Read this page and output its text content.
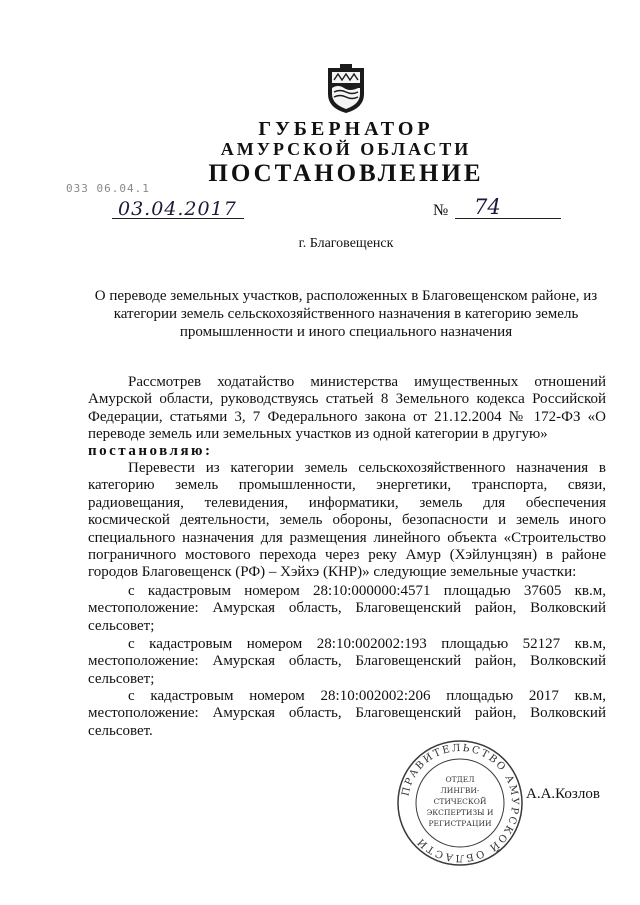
ГУБЕРНАТОР
АМУРСКОЙ ОБЛАСТИ
ПОСТАНОВЛЕНИЕ
033 06.04.1
03.04.2017	№ 74
г. Благовещенск
О переводе земельных участков, расположенных в Благовещенском районе, из категории земель сельскохозяйственного назначения в категорию земель промышленности и иного специального назначения
Рассмотрев ходатайство министерства имущественных отношений Амурской области, руководствуясь статьей 8 Земельного кодекса Российской Федерации, статьями 3, 7 Федерального закона от 21.12.2004 № 172-ФЗ «О переводе земель или земельных участков из одной категории в другую»
постановляю:
Перевести из категории земель сельскохозяйственного назначения в категорию земель промышленности, энергетики, транспорта, связи, радиовещания, телевидения, информатики, земель для обеспечения космической деятельности, земель обороны, безопасности и земель иного специального назначения для размещения линейного объекта «Строительство пограничного мостового перехода через реку Амур (Хэйлунцзян) в районе городов Благовещенск (РФ) – Хэйхэ (КНР)» следующие земельные участки:
с кадастровым номером 28:10:000000:4571 площадью 37605 кв.м, местоположение: Амурская область, Благовещенский район, Волковский сельсовет;
с кадастровым номером 28:10:002002:193 площадью 52127 кв.м, местоположение: Амурская область, Благовещенский район, Волковский сельсовет;
с кадастровым номером 28:10:002002:206 площадью 2017 кв.м, местоположение: Амурская область, Благовещенский район, Волковский сельсовет.
ПРАВИТЕЛЬСТВО АМУРСКОЙ ОБЛАСТИ
ОТДЕЛ
ЛИНГВИ-
СТИЧЕСКОЙ
ЭКСПЕРТИЗЫ И
РЕГИСТРАЦИИ
А.А.Козлов
